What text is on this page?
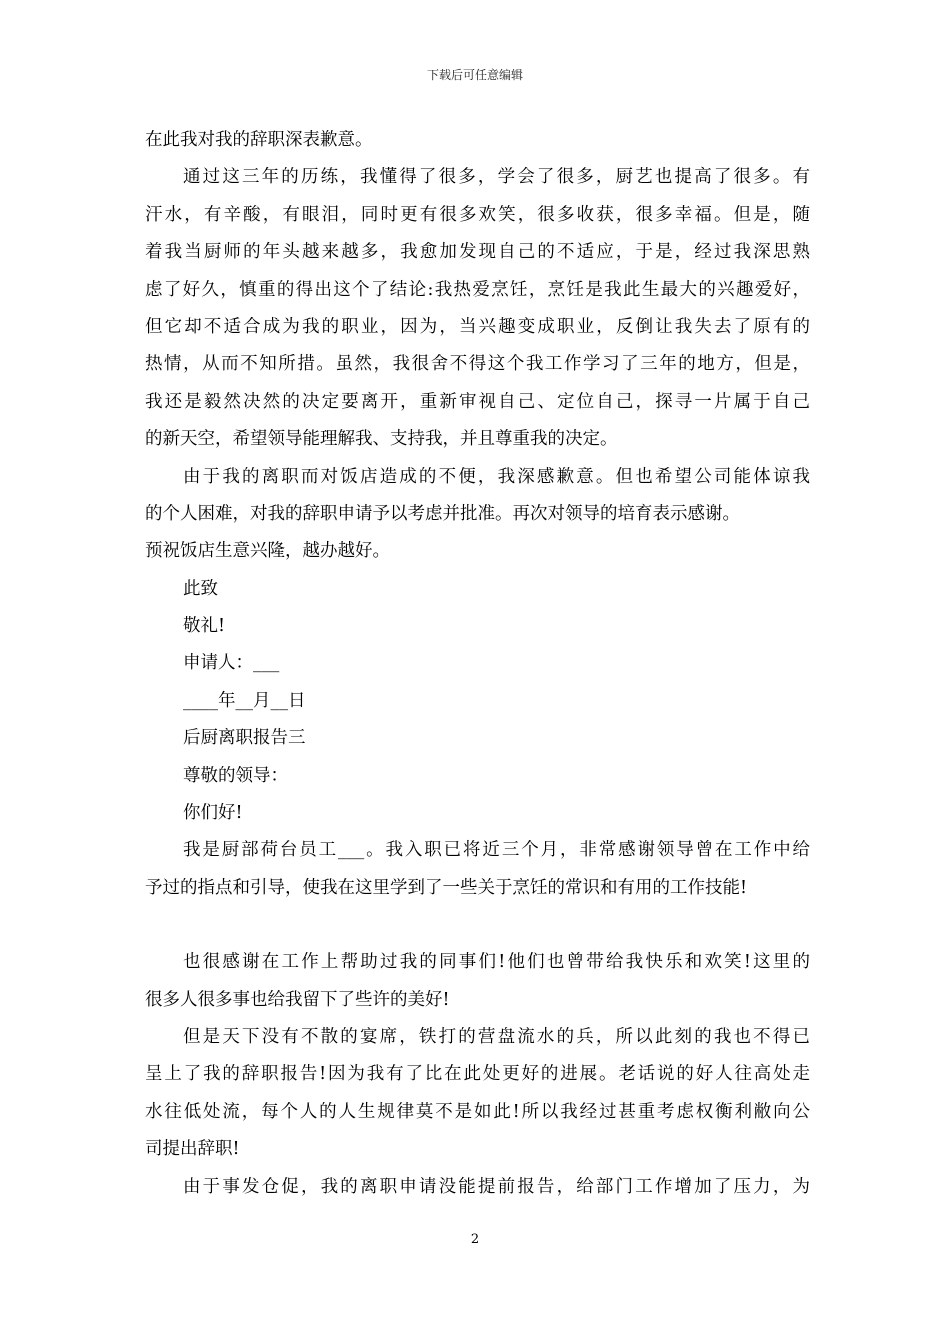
下载后可任意编辑
在此我对我的辞职深表歉意。
通过这三年的历练，我懂得了很多，学会了很多，厨艺也提高了很多。有
汗水，有辛酸，有眼泪，同时更有很多欢笑，很多收获，很多幸福。但是，随
着我当厨师的年头越来越多，我愈加发现自己的不适应，于是，经过我深思熟
虑了好久，慎重的得出这个了结论:我热爱烹饪，烹饪是我此生最大的兴趣爱好，
但它却不适合成为我的职业，因为，当兴趣变成职业，反倒让我失去了原有的
热情，从而不知所措。虽然，我很舍不得这个我工作学习了三年的地方，但是，
我还是毅然决然的决定要离开，重新审视自己、定位自己，探寻一片属于自己
的新天空，希望领导能理解我、支持我，并且尊重我的决定。
由于我的离职而对饭店造成的不便，我深感歉意。但也希望公司能体谅我
的个人困难，对我的辞职申请予以考虑并批准。再次对领导的培育表示感谢。
预祝饭店生意兴隆，越办越好。
此致
敬礼!
申请人：___
____年__月__日
后厨离职报告三
尊敬的领导：
你们好!
我是厨部荷台员工___。我入职已将近三个月，非常感谢领导曾在工作中给
予过的指点和引导，使我在这里学到了一些关于烹饪的常识和有用的工作技能!
也很感谢在工作上帮助过我的同事们!他们也曾带给我快乐和欢笑!这里的
很多人很多事也给我留下了些许的美好!
但是天下没有不散的宴席，铁打的营盘流水的兵，所以此刻的我也不得已
呈上了我的辞职报告!因为我有了比在此处更好的进展。老话说的好人往高处走
水往低处流，每个人的人生规律莫不是如此!所以我经过甚重考虑权衡利敝向公
司提出辞职!
由于事发仓促，我的离职申请没能提前报告，给部门工作增加了压力，为
2
